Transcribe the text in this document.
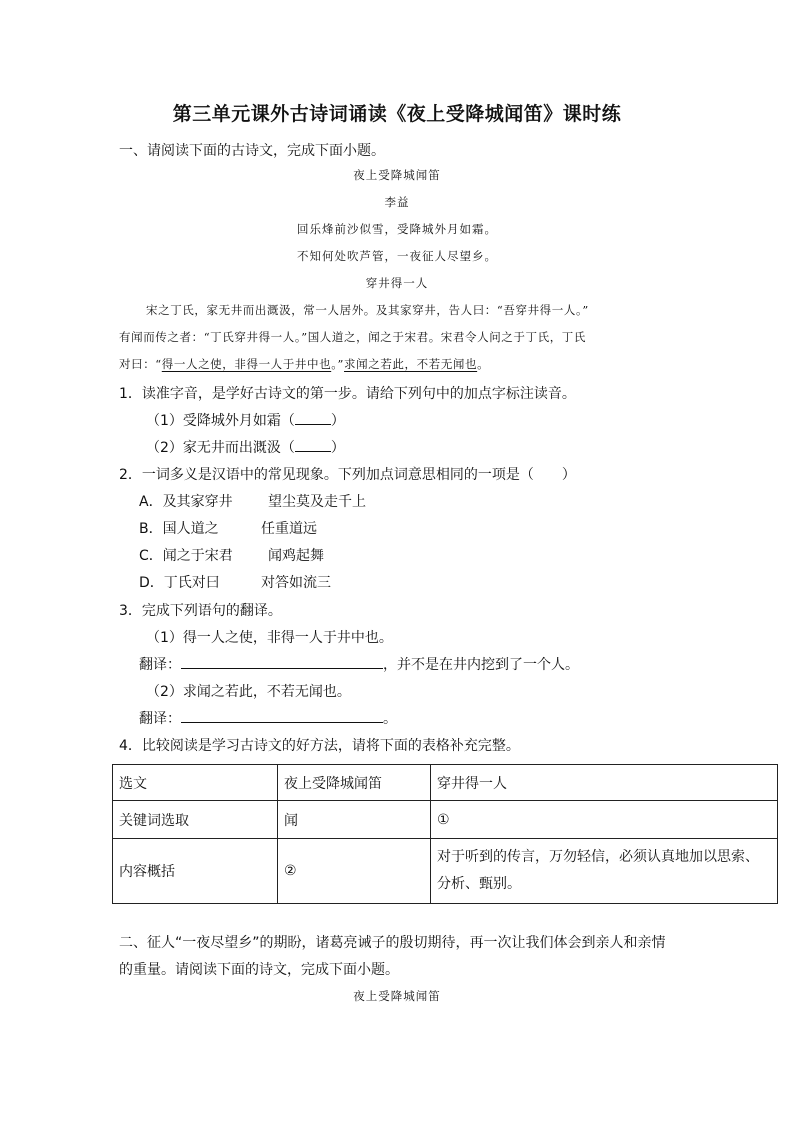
第三单元课外古诗词诵读《夜上受降城闻笛》课时练
一、请阅读下面的古诗文，完成下面小题。
夜上受降城闻笛
李益
回乐烽前沙似雪，受降城外月如霜。
不知何处吹芦管，一夜征人尽望乡。
穿井得一人
宋之丁氏，家无井而出溉汲，常一人居外。及其家穿井，告人曰：“吾穿井得一人。”
有闻而传之者：“丁氏穿井得一人。”国人道之，闻之于宋君。宋君令人问之于丁氏，丁氏
对曰：“得一人之使，非得一人于井中也。”求闻之若此，不若无闻也。
1．读准字音，是学好古诗文的第一步。请给下列句中的加点字标注读音。
（1）受降城外月如霜（	）
（2）家无井而出溉汲（	）
2．一词多义是汉语中的常见现象。下列加点词意思相同的一项是（　　）
A．及其家穿井	望尘莫及走千上
B．国人道之	任重道远
C．闻之于宋君	闻鸡起舞
D．丁氏对曰	对答如流三
3．完成下列语句的翻译。
（1）得一人之使，非得一人于井中也。
翻译：	，并不是在井内挖到了一个人。
（2）求闻之若此，不若无闻也。
翻译：	。
4．比较阅读是学习古诗文的好方法，请将下面的表格补充完整。
选文	夜上受降城闻笛	穿井得一人
关键词选取	闻	①
内容概括	②	对于听到的传言，万勿轻信，必须认真地加以思索、分析、甄别。
二、征人“一夜尽望乡”的期盼，诸葛亮诫子的殷切期待，再一次让我们体会到亲人和亲情
的重量。请阅读下面的诗文，完成下面小题。
夜上受降城闻笛
